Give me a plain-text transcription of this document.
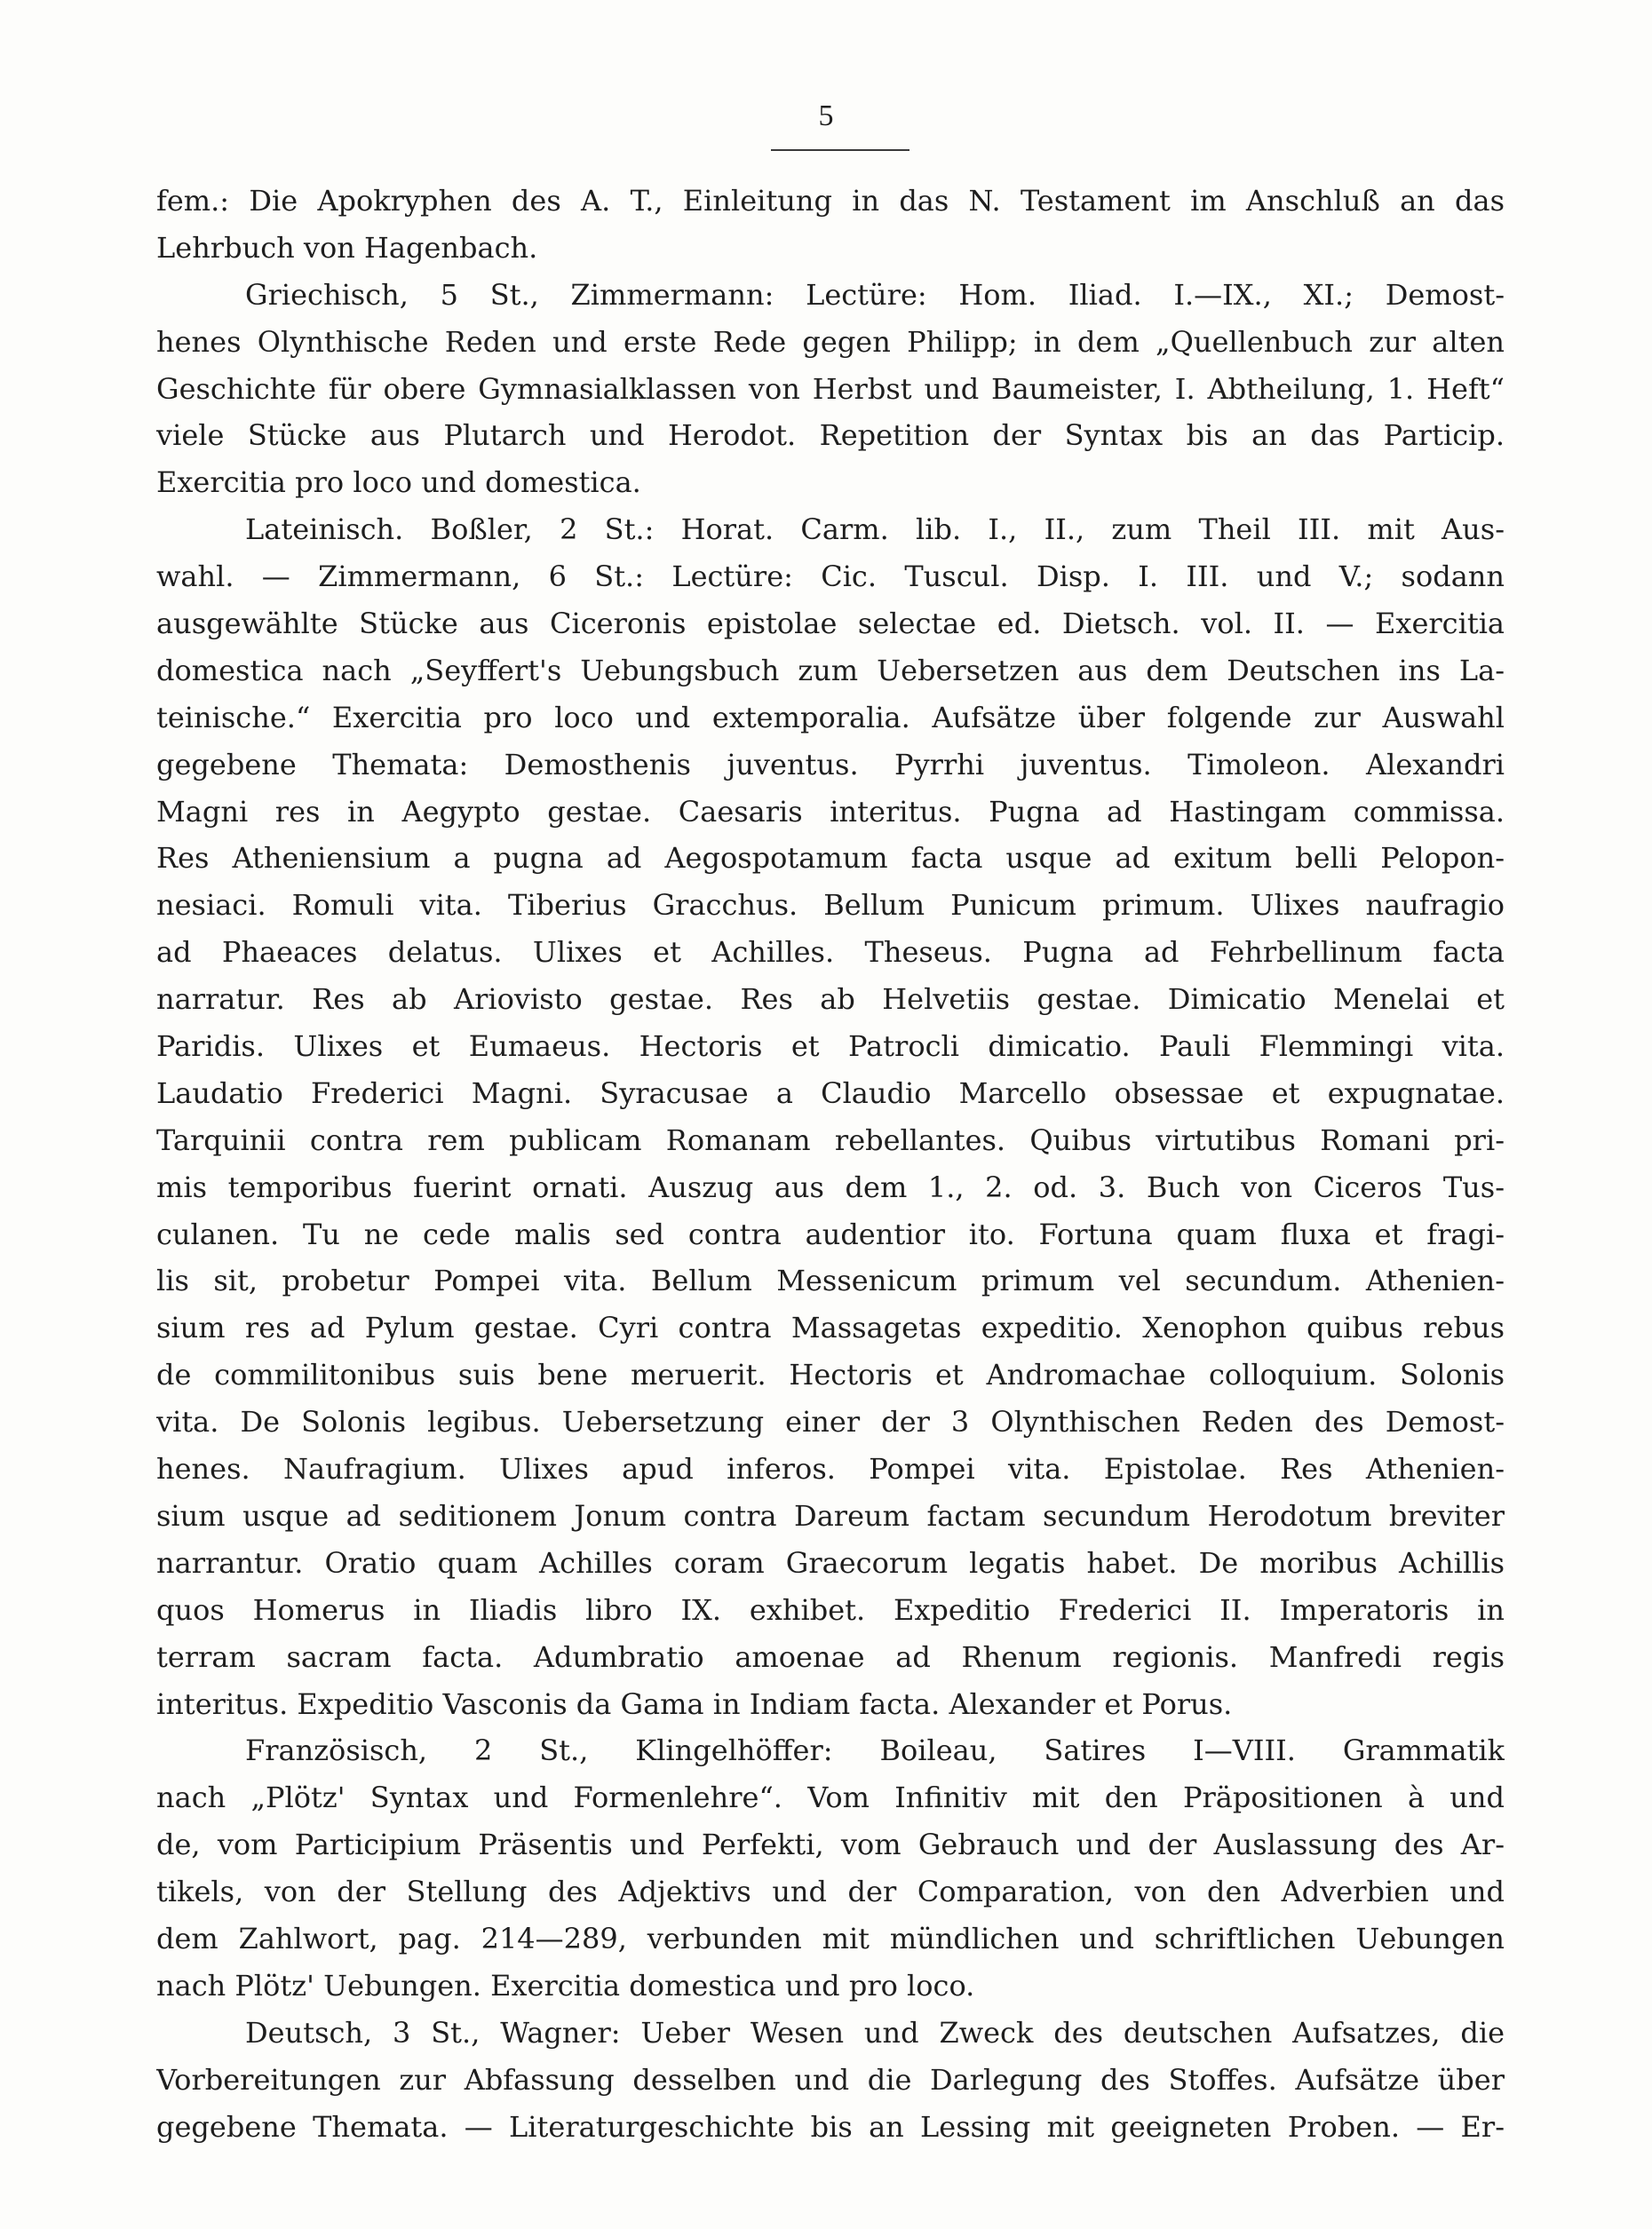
5
fem.: Die Apokryphen des A. T., Einleitung in das N. Testament im Anschluß an das
Lehrbuch von Hagenbach.
Griechisch, 5 St., Zimmermann: Lectüre: Hom. Iliad. I.—IX., XI.; Demost-
henes Olynthische Reden und erste Rede gegen Philipp; in dem „Quellenbuch zur alten
Geschichte für obere Gymnasialklassen von Herbst und Baumeister, I. Abtheilung, 1. Heft“
viele Stücke aus Plutarch und Herodot. Repetition der Syntax bis an das Particip.
Exercitia pro loco und domestica.
Lateinisch. Boßler, 2 St.: Horat. Carm. lib. I., II., zum Theil III. mit Aus-
wahl. — Zimmermann, 6 St.: Lectüre: Cic. Tuscul. Disp. I. III. und V.; sodann
ausgewählte Stücke aus Ciceronis epistolae selectae ed. Dietsch. vol. II. — Exercitia
domestica nach „Seyffert's Uebungsbuch zum Uebersetzen aus dem Deutschen ins La-
teinische.“ Exercitia pro loco und extemporalia. Aufsätze über folgende zur Auswahl
gegebene Themata: Demosthenis juventus. Pyrrhi juventus. Timoleon. Alexandri
Magni res in Aegypto gestae. Caesaris interitus. Pugna ad Hastingam commissa.
Res Atheniensium a pugna ad Aegospotamum facta usque ad exitum belli Pelopon-
nesiaci. Romuli vita. Tiberius Gracchus. Bellum Punicum primum. Ulixes naufragio
ad Phaeaces delatus. Ulixes et Achilles. Theseus. Pugna ad Fehrbellinum facta
narratur. Res ab Ariovisto gestae. Res ab Helvetiis gestae. Dimicatio Menelai et
Paridis. Ulixes et Eumaeus. Hectoris et Patrocli dimicatio. Pauli Flemmingi vita.
Laudatio Frederici Magni. Syracusae a Claudio Marcello obsessae et expugnatae.
Tarquinii contra rem publicam Romanam rebellantes. Quibus virtutibus Romani pri-
mis temporibus fuerint ornati. Auszug aus dem 1., 2. od. 3. Buch von Ciceros Tus-
culanen. Tu ne cede malis sed contra audentior ito. Fortuna quam fluxa et fragi-
lis sit, probetur Pompei vita. Bellum Messenicum primum vel secundum. Athenien-
sium res ad Pylum gestae. Cyri contra Massagetas expeditio. Xenophon quibus rebus
de commilitonibus suis bene meruerit. Hectoris et Andromachae colloquium. Solonis
vita. De Solonis legibus. Uebersetzung einer der 3 Olynthischen Reden des Demost-
henes. Naufragium. Ulixes apud inferos. Pompei vita. Epistolae. Res Athenien-
sium usque ad seditionem Jonum contra Dareum factam secundum Herodotum breviter
narrantur. Oratio quam Achilles coram Graecorum legatis habet. De moribus Achillis
quos Homerus in Iliadis libro IX. exhibet. Expeditio Frederici II. Imperatoris in
terram sacram facta. Adumbratio amoenae ad Rhenum regionis. Manfredi regis
interitus. Expeditio Vasconis da Gama in Indiam facta. Alexander et Porus.
Französisch, 2 St., Klingelhöffer: Boileau, Satires I—VIII. Grammatik
nach „Plötz' Syntax und Formenlehre“. Vom Infinitiv mit den Präpositionen à und
de, vom Participium Präsentis und Perfekti, vom Gebrauch und der Auslassung des Ar-
tikels, von der Stellung des Adjektivs und der Comparation, von den Adverbien und
dem Zahlwort, pag. 214—289, verbunden mit mündlichen und schriftlichen Uebungen
nach Plötz' Uebungen. Exercitia domestica und pro loco.
Deutsch, 3 St., Wagner: Ueber Wesen und Zweck des deutschen Aufsatzes, die
Vorbereitungen zur Abfassung desselben und die Darlegung des Stoffes. Aufsätze über
gegebene Themata. — Literaturgeschichte bis an Lessing mit geeigneten Proben. — Er-
